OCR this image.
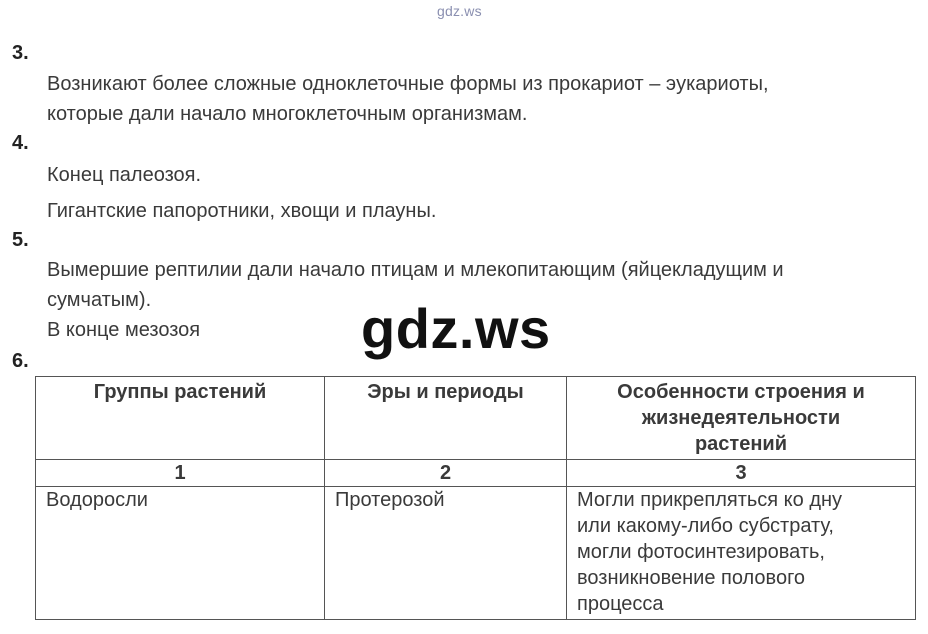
gdz.ws
3.
Возникают более сложные одноклеточные формы из прокариот – эукариоты,
которые дали начало многоклеточным организмам.
4.
Конец палеозоя.
Гигантские папоротники, хвощи и плауны.
5.
Вымершие рептилии дали начало птицам и млекопитающим (яйцекладущим и
сумчатым).
В конце мезозоя
6.
gdz.ws
Группы растений	Эры и периоды	Особенности строения и
жизнедеятельности
растений

1	2	3
Водоросли	Протерозой	Могли прикрепляться ко дну
или какому-либо субстрату,
могли фотосинтезировать,
возникновение полового
процесса
